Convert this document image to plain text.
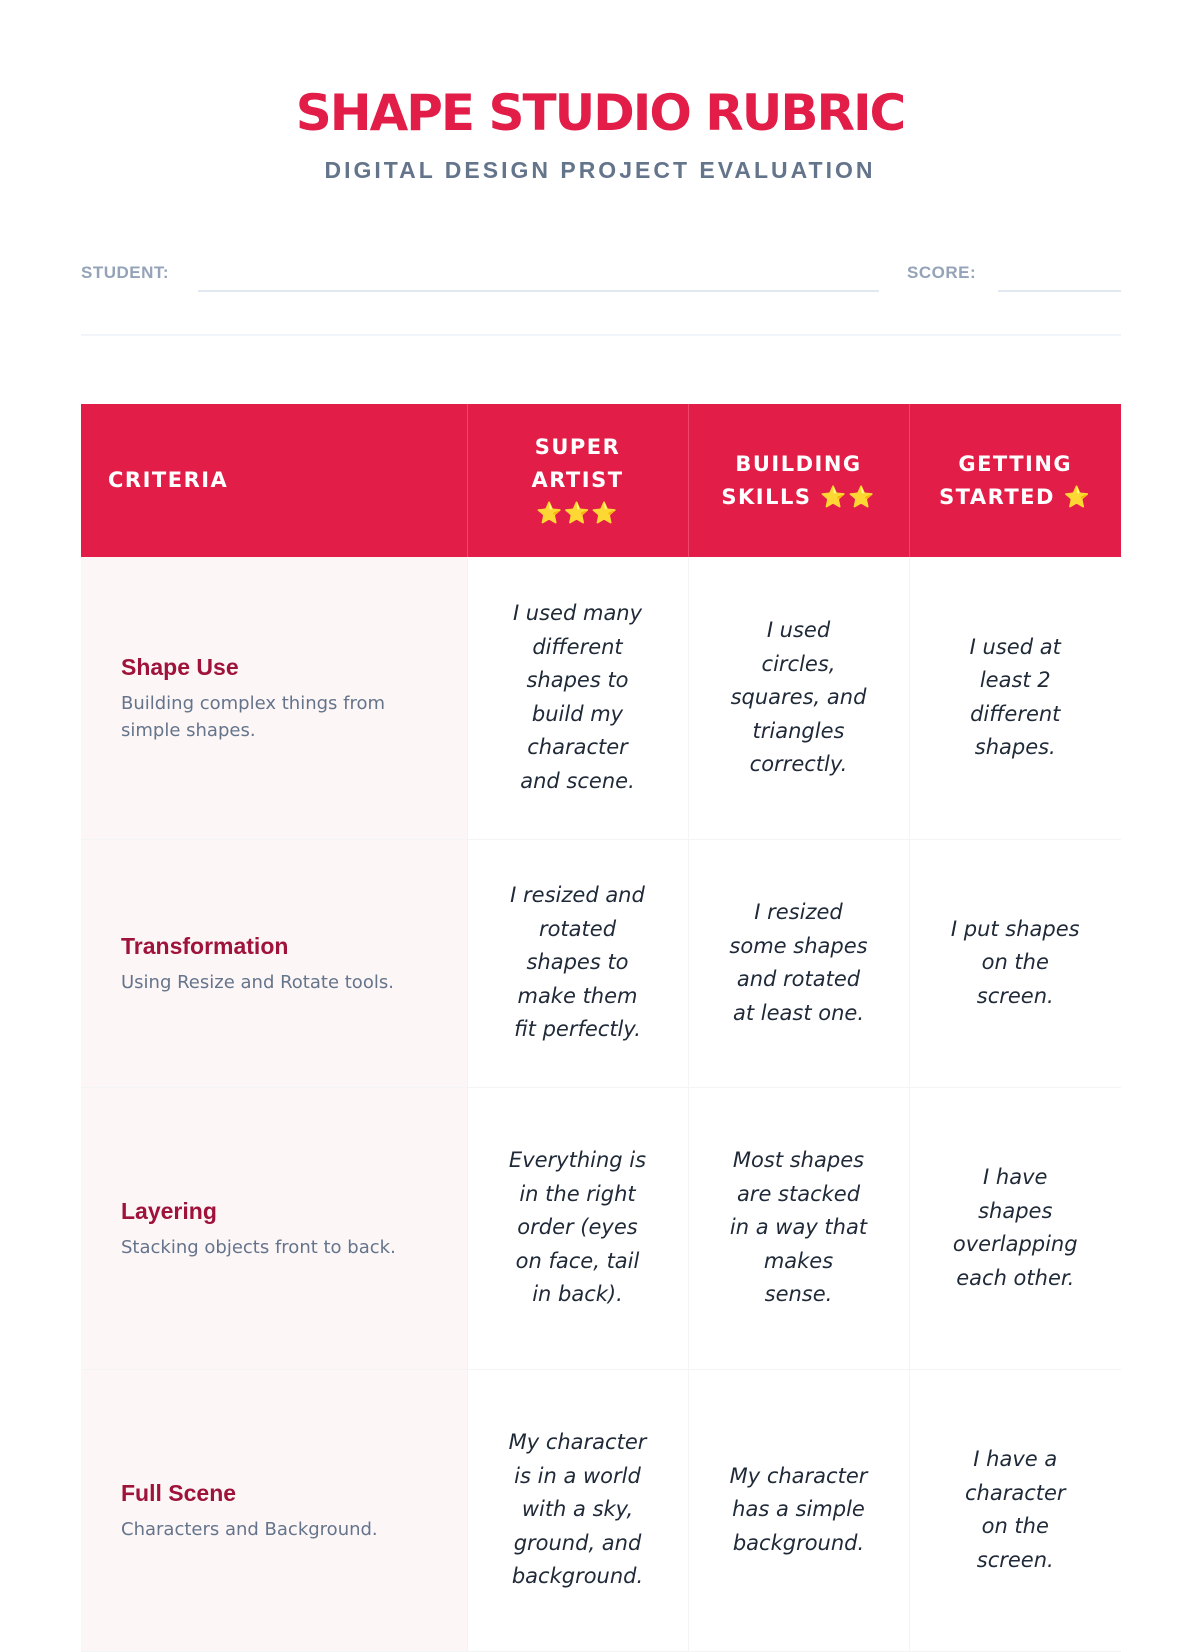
SHAPE STUDIO RUBRIC
DIGITAL DESIGN PROJECT EVALUATION
STUDENT:	SCORE:
CRITERIA	SUPER ARTIST ⭐⭐⭐	BUILDING SKILLS ⭐⭐	GETTING STARTED ⭐

Shape Use
Building complex things from simple shapes.	I used many different shapes to build my character and scene.	I used circles, squares, and triangles correctly.	I used at least 2 different shapes.

Transformation
Using Resize and Rotate tools.	I resized and rotated shapes to make them fit perfectly.	I resized some shapes and rotated at least one.	I put shapes on the screen.

Layering
Stacking objects front to back.	Everything is in the right order (eyes on face, tail in back).	Most shapes are stacked in a way that makes sense.	I have shapes overlapping each other.

Full Scene
Characters and Background.	My character is in a world with a sky, ground, and background.	My character has a simple background.	I have a character on the screen.
